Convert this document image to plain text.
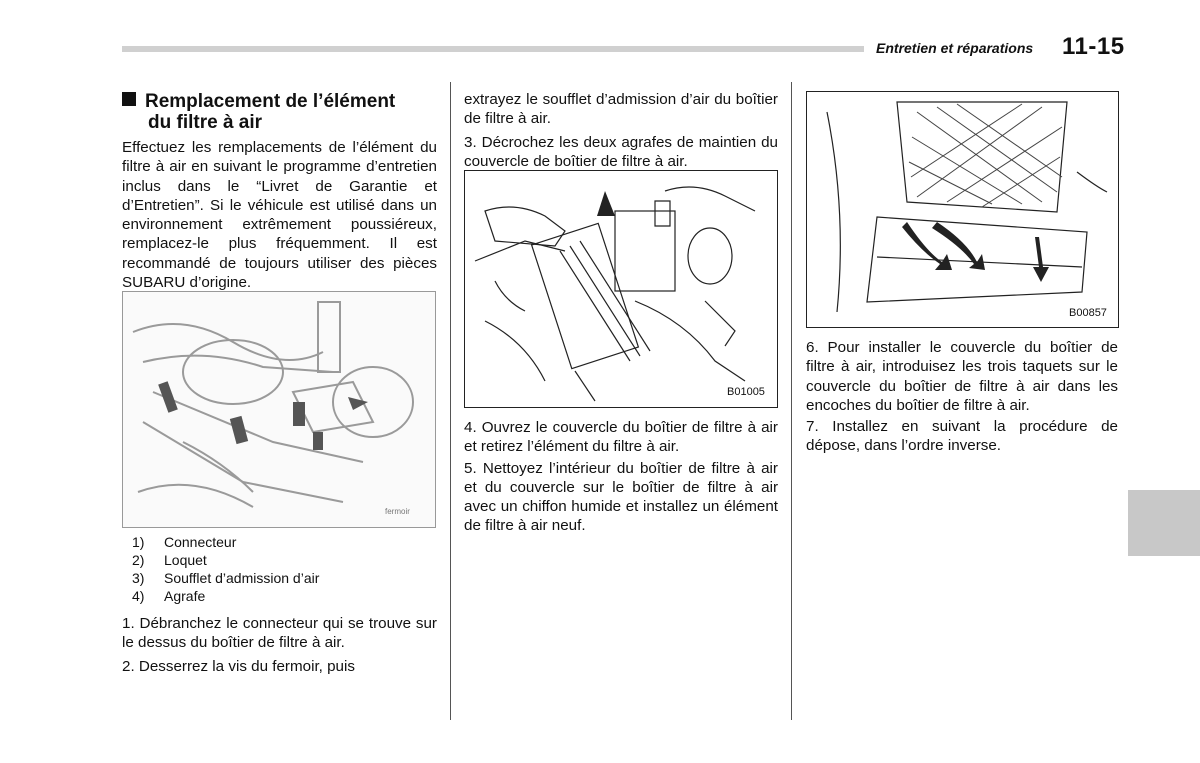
Entretien et réparations 11-15
Remplacement de l’élément
du filtre à air

Effectuez les remplacements de l’élément du filtre à air en suivant le programme d’entretien inclus dans le “Livret de Garantie et d’Entretien”. Si le véhicule est utilisé dans un environnement extrêmement poussiéreux, remplacez-le plus fréquemment. Il est recommandé de toujours utiliser des pièces SUBARU d’origine.

fermoir
1)	Connecteur
2)	Loquet
3)	Soufflet d’admission d’air
4)	Agrafe

1. Débranchez le connecteur qui se trouve sur le dessus du boîtier de filtre à air.

2. Desserrez la vis du fermoir, puis

extrayez le soufflet d’admission d’air du boîtier de filtre à air.

3. Décrochez les deux agrafes de maintien du couvercle de boîtier de filtre à air.

B01005

4. Ouvrez le couvercle du boîtier de filtre à air et retirez l’élément du filtre à air.

5. Nettoyez l’intérieur du boîtier de filtre à air et du couvercle sur le boîtier de filtre à air avec un chiffon humide et installez un élément de filtre à air neuf.

B00857

6. Pour installer le couvercle du boîtier de filtre à air, introduisez les trois taquets sur le couvercle du boîtier de filtre à air dans les encoches du boîtier de filtre à air.

7. Installez en suivant la procédure de dépose, dans l’ordre inverse.
